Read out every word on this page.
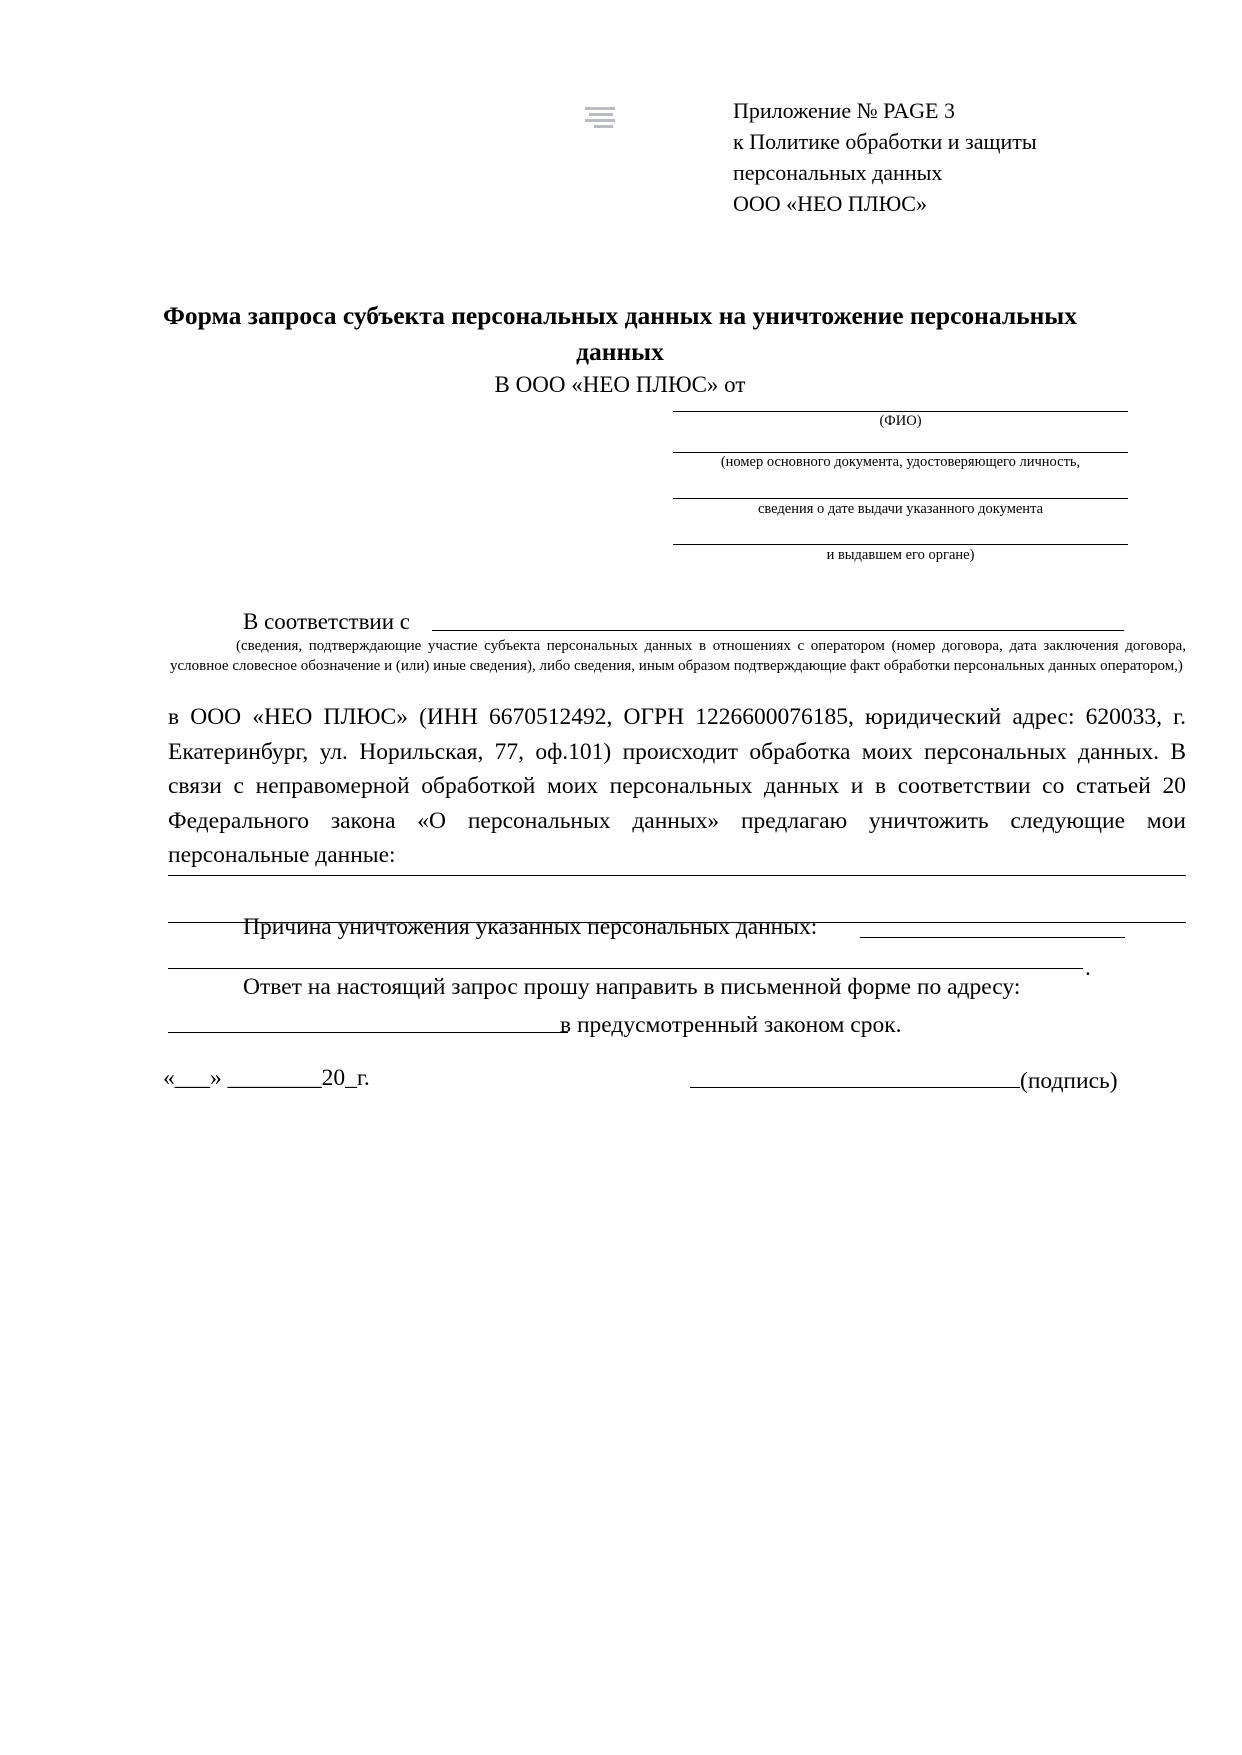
Приложение № PAGE 3
к Политике обработки и защиты
персональных данных
ООО «НЕО ПЛЮС»
Форма запроса субъекта персональных данных на уничтожение персональных данных
В ООО «НЕО ПЛЮС» от
(ФИО)
(номер основного документа, удостоверяющего личность,
сведения о дате выдачи указанного документа
и выдавшем его органе)
В соответствии с
(сведения, подтверждающие участие субъекта персональных данных в отношениях с оператором (номер договора, дата заключения договора, условное словесное обозначение и (или) иные сведения), либо сведения, иным образом подтверждающие факт обработки персональных данных оператором,)
в ООО «НЕО ПЛЮС» (ИНН 6670512492, ОГРН 1226600076185, юридический адрес: 620033, г. Екатеринбург, ул. Норильская, 77, оф.101) происходит обработка моих персональных данных. В связи с неправомерной обработкой моих персональных данных и в соответствии со статьей 20 Федерального закона «О персональных данных» предлагаю уничтожить следующие мои персональные данные:
Причина уничтожения указанных персональных данных:
.
Ответ на настоящий запрос прошу направить в письменной форме по адресу:
в предусмотренный законом срок.
«___» ________20_г.	(подпись)
